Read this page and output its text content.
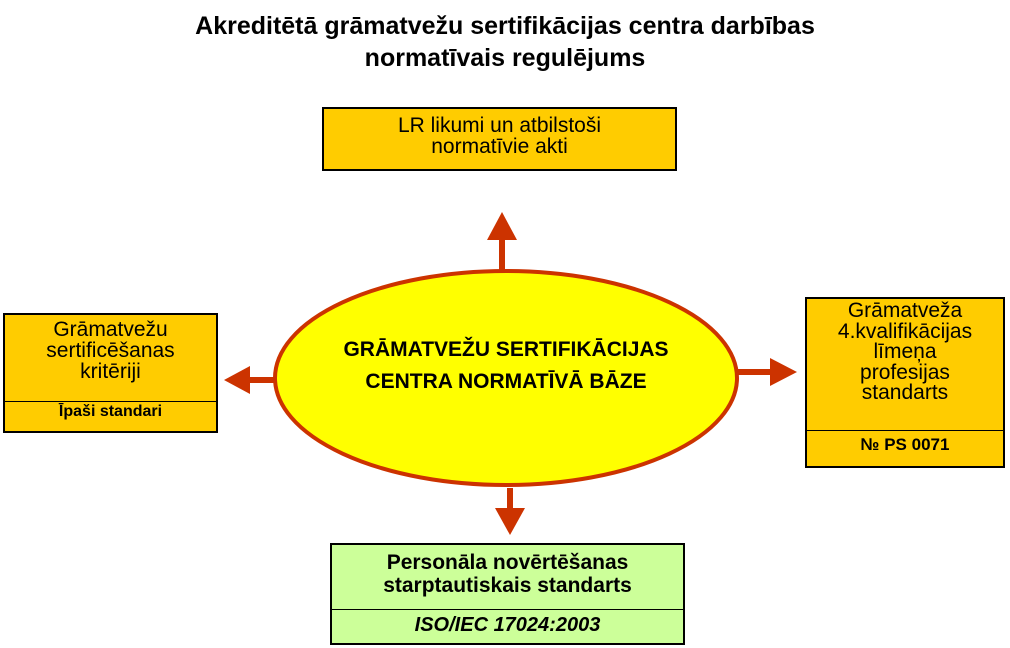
Akreditētā grāmatvežu sertifikācijas centra darbības
normatīvais regulējums
GRĀMATVEŽU SERTIFIKĀCIJAS
CENTRA NORMATĪVĀ BĀZE
LR likumi un atbilstoši
normatīvie akti
Grāmatvežu
sertificēšanas
kritēriji
Īpaši standari
Grāmatveža
4.kvalifikācijas
līmeņa
profesijas
standarts
№ PS 0071
Personāla novērtēšanas
starptautiskais standarts
ISO/IEC 17024:2003
